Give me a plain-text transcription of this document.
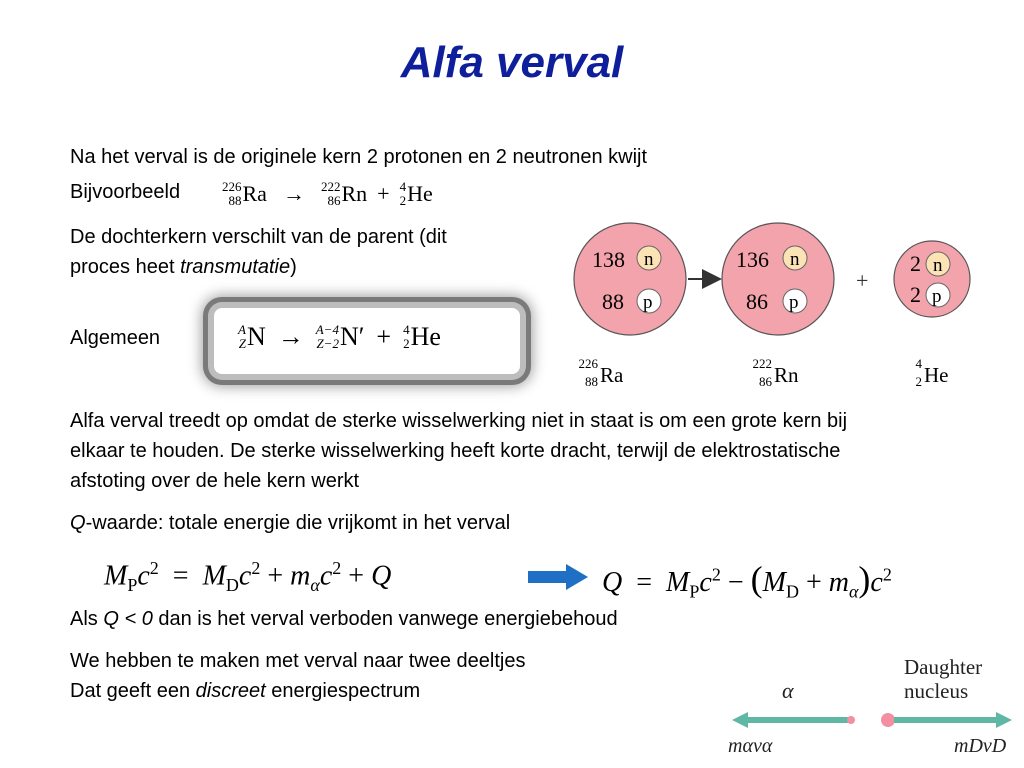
Alfa verval
Na het verval is de originele kern 2 protonen en 2 neutronen kwijt
Bijvoorbeeld	226
88 Ra → 222
86 Rn + 4
2 He
De dochterkern verschilt van de parent (dit
proces heet transmutatie)
Algemeen	A
Z N → A−4
Z−2 N′ + 4
2 He
138 n
88 p
136 n
86 p
+
2 n
2 p
226
88 Ra	222
86 Rn	4
2 He
Alfa verval treedt op omdat de sterke wisselwerking niet in staat is om een grote kern bij
elkaar te houden. De sterke wisselwerking heeft korte dracht, terwijl de elektrostatische
afstoting over de hele kern werkt
Q-waarde: totale energie die vrijkomt in het verval
$M_Pc^2 = M_Dc^2 + m_\alpha c^2 + Q$	$Q = M_Pc^2 - (M_D + m_\alpha)c^2$
Als Q < 0 dan is het verval verboden vanwege energiebehoud
We hebben te maken met verval naar twee deeltjes
Dat geeft een discreet energiespectrum
Daughter
nucleus
α
mαvα	mDvD
